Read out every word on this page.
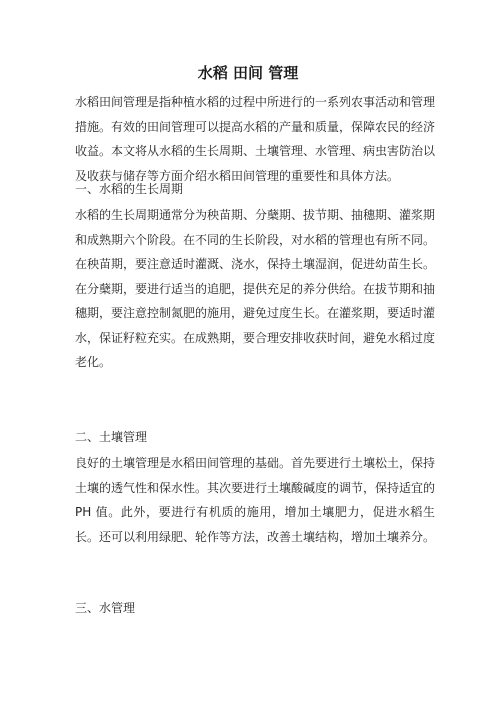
水稻 田间 管理

水稻田间管理是指种植水稻的过程中所进行的一系列农事活动和管理措施。有效的田间管理可以提高水稻的产量和质量，保障农民的经济收益。本文将从水稻的生长周期、土壤管理、水管理、病虫害防治以及收获与储存等方面介绍水稻田间管理的重要性和具体方法。

一、水稻的生长周期

水稻的生长周期通常分为秧苗期、分蘖期、拔节期、抽穗期、灌浆期和成熟期六个阶段。在不同的生长阶段，对水稻的管理也有所不同。在秧苗期，要注意适时灌溉、浇水，保持土壤湿润，促进幼苗生长。在分蘖期，要进行适当的追肥，提供充足的养分供给。在拔节期和抽穗期，要注意控制氮肥的施用，避免过度生长。在灌浆期，要适时灌水，保证籽粒充实。在成熟期，要合理安排收获时间，避免水稻过度老化。

二、土壤管理

良好的土壤管理是水稻田间管理的基础。首先要进行土壤松土，保持土壤的透气性和保水性。其次要进行土壤酸碱度的调节，保持适宜的 PH 值。此外，要进行有机质的施用，增加土壤肥力，促进水稻生长。还可以利用绿肥、轮作等方法，改善土壤结构，增加土壤养分。

三、水管理
